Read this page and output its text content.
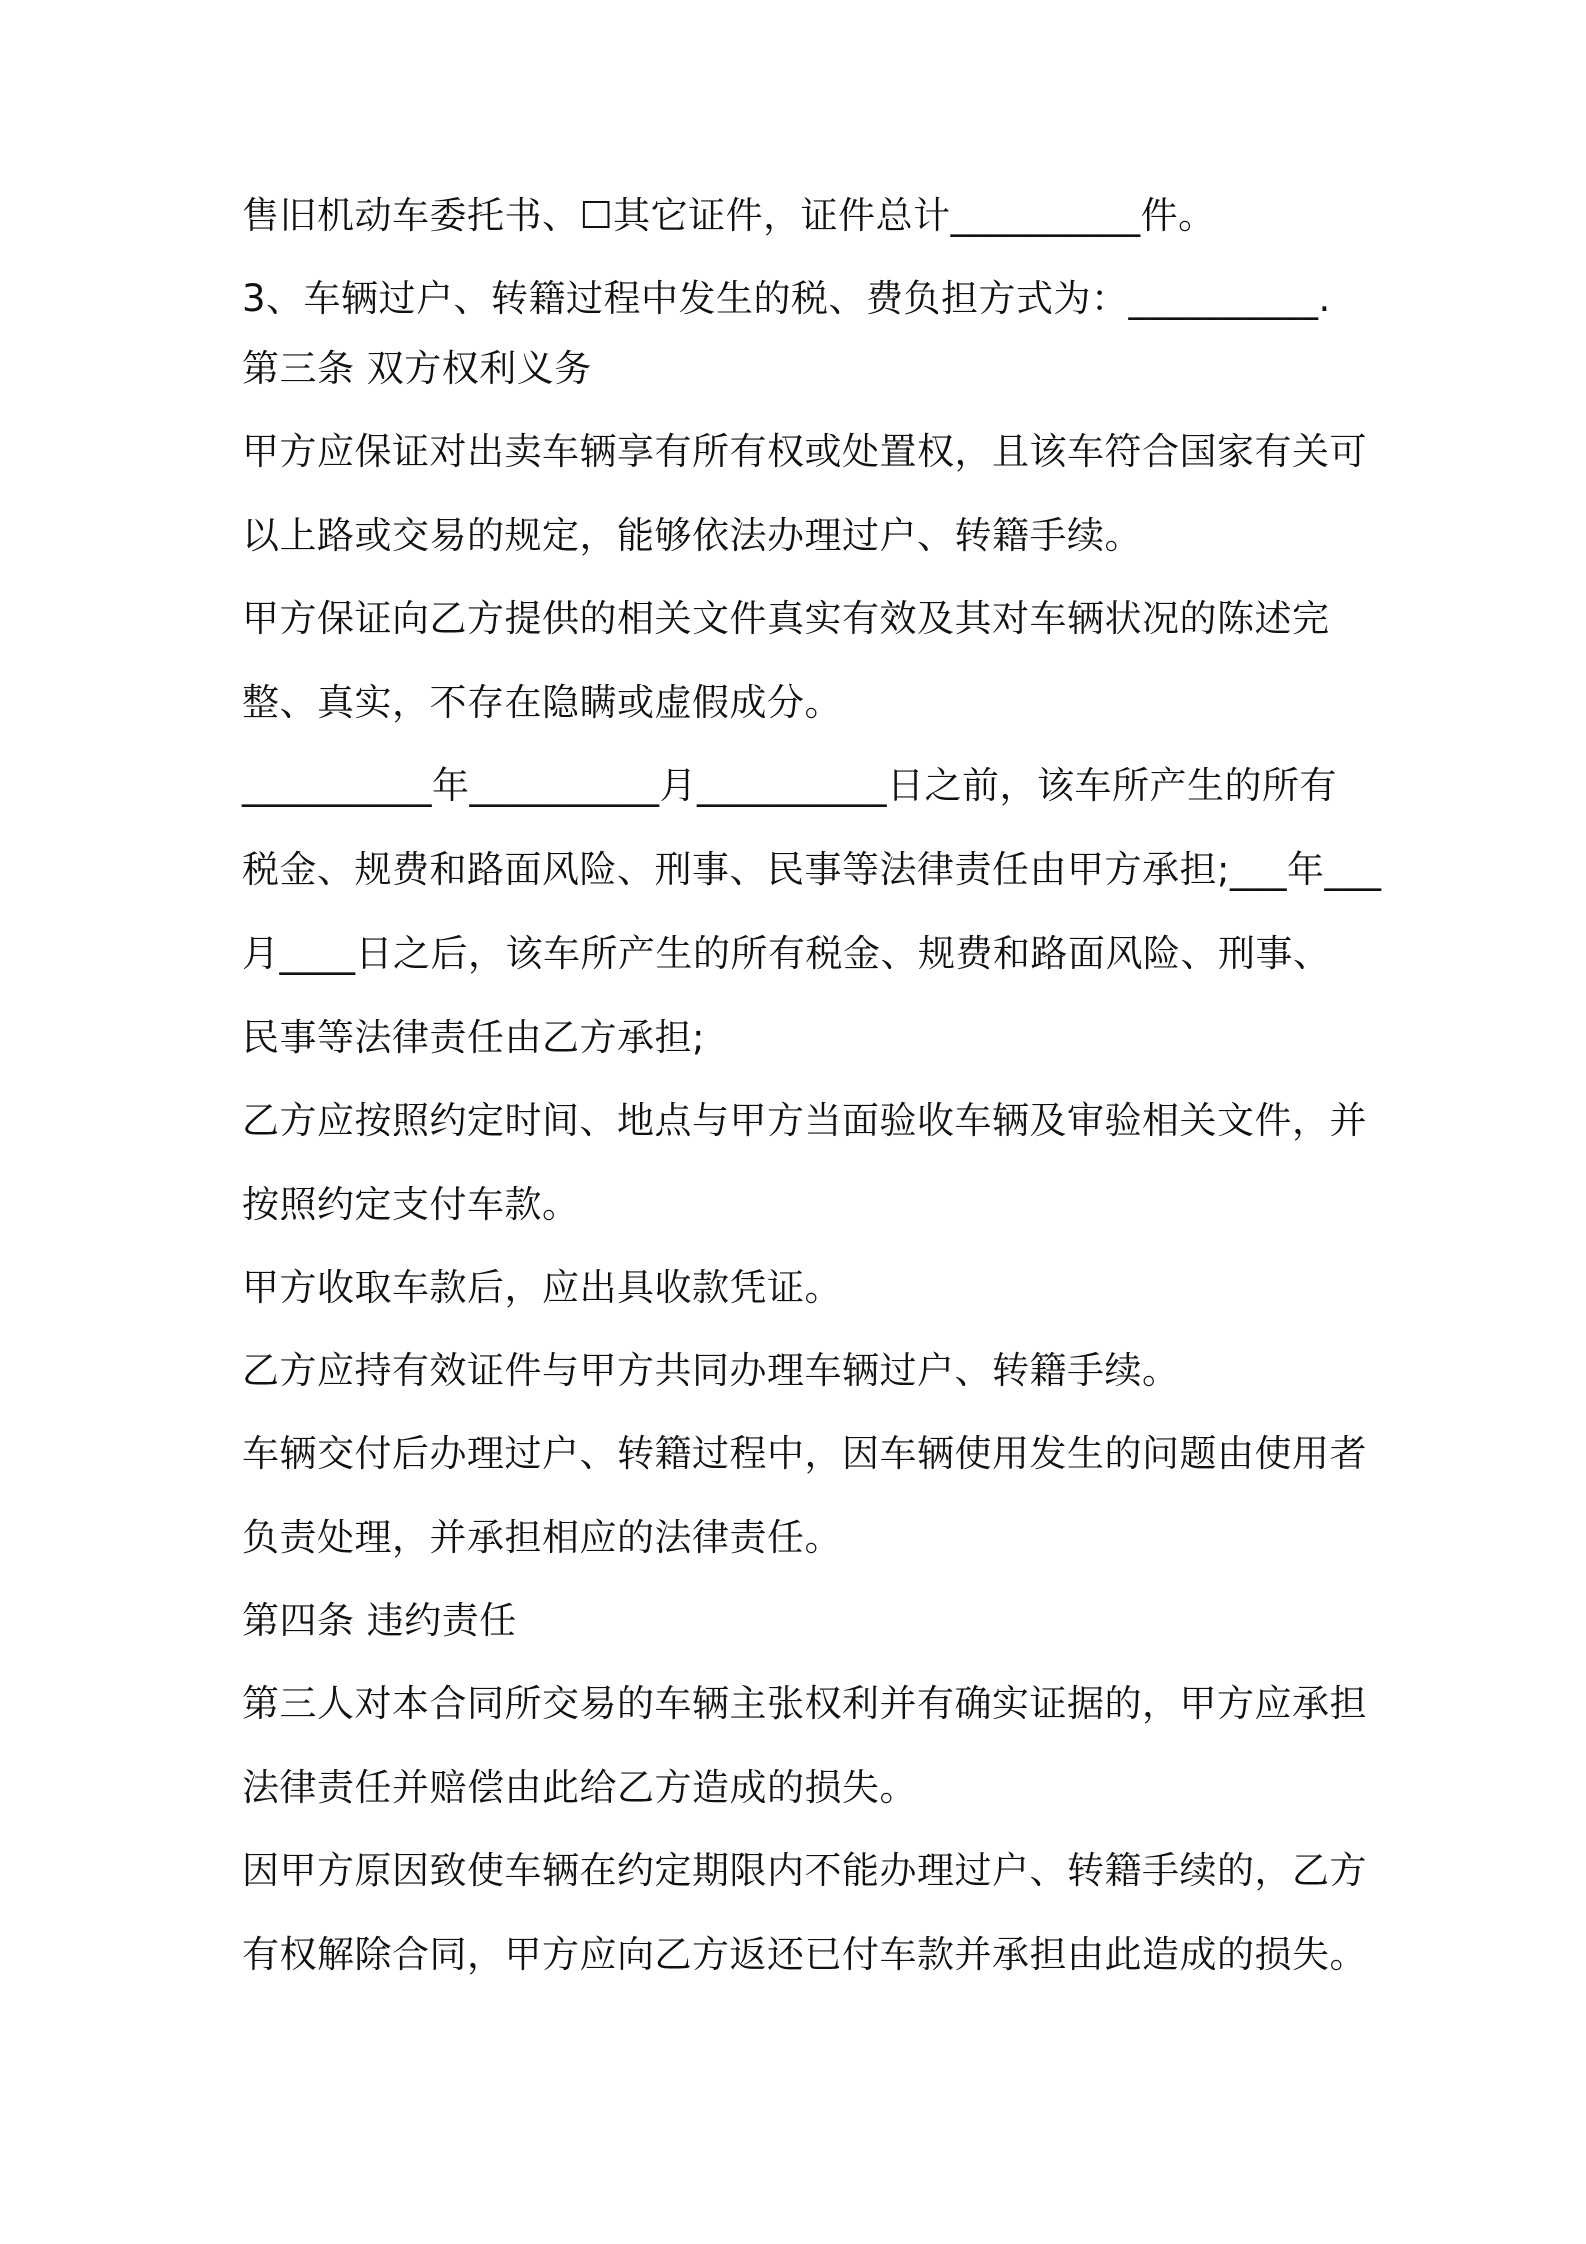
售旧机动车委托书、☐其它证件，证件总计__________件。
3、车辆过户、转籍过程中发生的税、费负担方式为：__________.
第三条 双方权利义务
甲方应保证对出卖车辆享有所有权或处置权，且该车符合国家有关可
以上路或交易的规定，能够依法办理过户、转籍手续。
甲方保证向乙方提供的相关文件真实有效及其对车辆状况的陈述完
整、真实，不存在隐瞒或虚假成分。
__________年__________月__________日之前，该车所产生的所有
税金、规费和路面风险、刑事、民事等法律责任由甲方承担;___年___
月____日之后，该车所产生的所有税金、规费和路面风险、刑事、
民事等法律责任由乙方承担;
乙方应按照约定时间、地点与甲方当面验收车辆及审验相关文件，并
按照约定支付车款。
甲方收取车款后，应出具收款凭证。
乙方应持有效证件与甲方共同办理车辆过户、转籍手续。
车辆交付后办理过户、转籍过程中，因车辆使用发生的问题由使用者
负责处理，并承担相应的法律责任。
第四条 违约责任
第三人对本合同所交易的车辆主张权利并有确实证据的，甲方应承担
法律责任并赔偿由此给乙方造成的损失。
因甲方原因致使车辆在约定期限内不能办理过户、转籍手续的，乙方
有权解除合同，甲方应向乙方返还已付车款并承担由此造成的损失。
